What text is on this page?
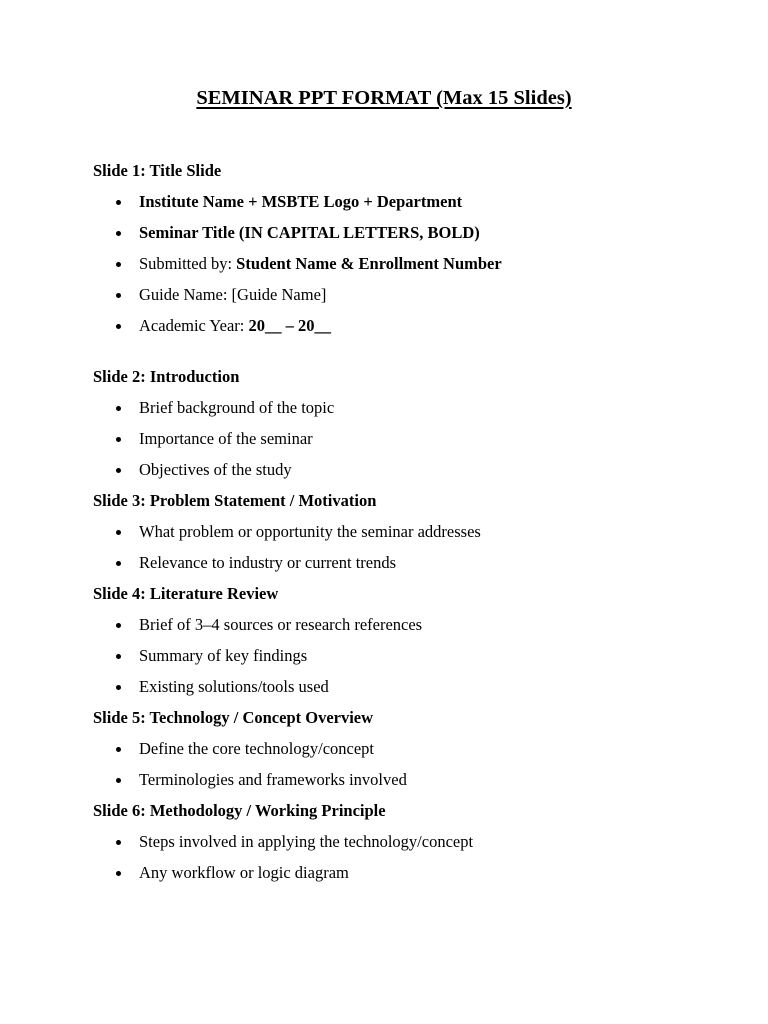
SEMINAR PPT FORMAT (Max 15 Slides)
Slide 1: Title Slide
Institute Name + MSBTE Logo + Department
Seminar Title (IN CAPITAL LETTERS, BOLD)
Submitted by: Student Name & Enrollment Number
Guide Name: [Guide Name]
Academic Year: 20__ – 20__
Slide 2: Introduction
Brief background of the topic
Importance of the seminar
Objectives of the study
Slide 3: Problem Statement / Motivation
What problem or opportunity the seminar addresses
Relevance to industry or current trends
Slide 4: Literature Review
Brief of 3–4 sources or research references
Summary of key findings
Existing solutions/tools used
Slide 5: Technology / Concept Overview
Define the core technology/concept
Terminologies and frameworks involved
Slide 6: Methodology / Working Principle
Steps involved in applying the technology/concept
Any workflow or logic diagram
